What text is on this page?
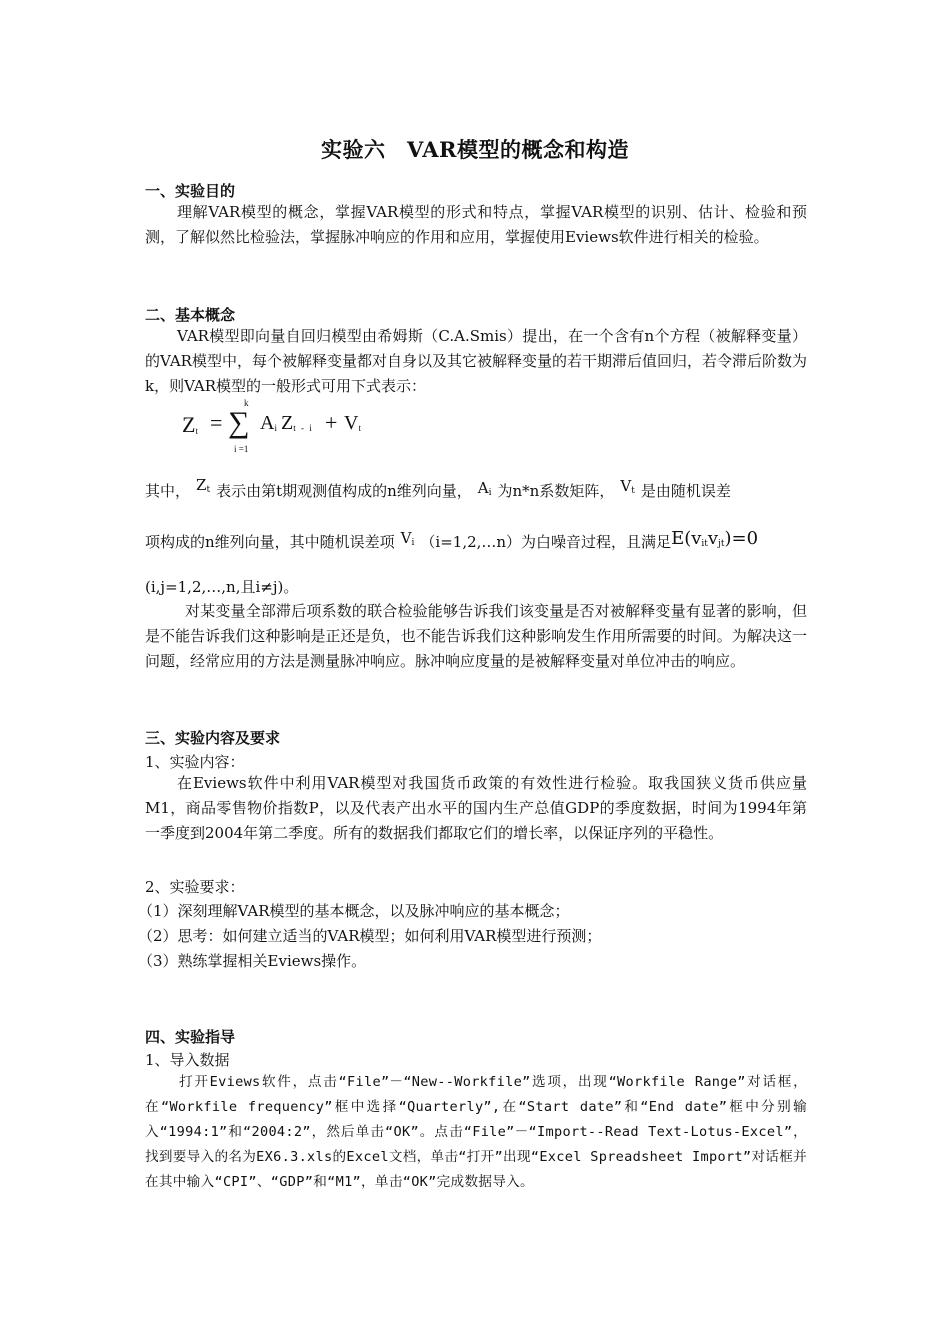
实验六　VAR模型的概念和构造
一、实验目的
理解VAR模型的概念，掌握VAR模型的形式和特点，掌握VAR模型的识别、估计、检验和预测，了解似然比检验法，掌握脉冲响应的作用和应用，掌握使用Eviews软件进行相关的检验。
二、基本概念
VAR模型即向量自回归模型由希姆斯（C.A.Smis）提出，在一个含有n个方程（被解释变量）的VAR模型中，每个被解释变量都对自身以及其它被解释变量的若干期滞后值回归，若令滞后阶数为k，则VAR模型的一般形式可用下式表示：
Zt =
k
∑
i =1
Ai Zt - i + Vt
其中， Zt 表示由第t期观测值构成的n维列向量， Ai 为n*n系数矩阵， Vt 是由随机误差
项构成的n维列向量，其中随机误差项 Vi （i=1,2,…n）为白噪音过程，且满足E(vitvjt)=0
(i,j=1,2,…,n,且i≠j)。
对某变量全部滞后项系数的联合检验能够告诉我们该变量是否对被解释变量有显著的影响，但是不能告诉我们这种影响是正还是负，也不能告诉我们这种影响发生作用所需要的时间。为解决这一问题，经常应用的方法是测量脉冲响应。脉冲响应度量的是被解释变量对单位冲击的响应。
三、实验内容及要求
1、实验内容：
在Eviews软件中利用VAR模型对我国货币政策的有效性进行检验。取我国狭义货币供应量M1，商品零售物价指数P，以及代表产出水平的国内生产总值GDP的季度数据，时间为1994年第一季度到2004年第二季度。所有的数据我们都取它们的增长率，以保证序列的平稳性。
2、实验要求：
（1）深刻理解VAR模型的基本概念，以及脉冲响应的基本概念；
（2）思考：如何建立适当的VAR模型；如何利用VAR模型进行预测；
（3）熟练掌握相关Eviews操作。
四、实验指导
1、导入数据
打开Eviews软件，点击“File”－“New--Workfile”选项，出现“Workfile Range”对话框，在“Workfile frequency”框中选择“Quarterly”,在“Start date”和“End date”框中分别输入“1994:1”和“2004:2”，然后单击“OK”。点击“File”－“Import--Read Text-Lotus-Excel”，找到要导入的名为EX6.3.xls的Excel文档，单击“打开”出现“Excel Spreadsheet Import”对话框并在其中输入“CPI”、“GDP”和“M1”，单击“OK”完成数据导入。
